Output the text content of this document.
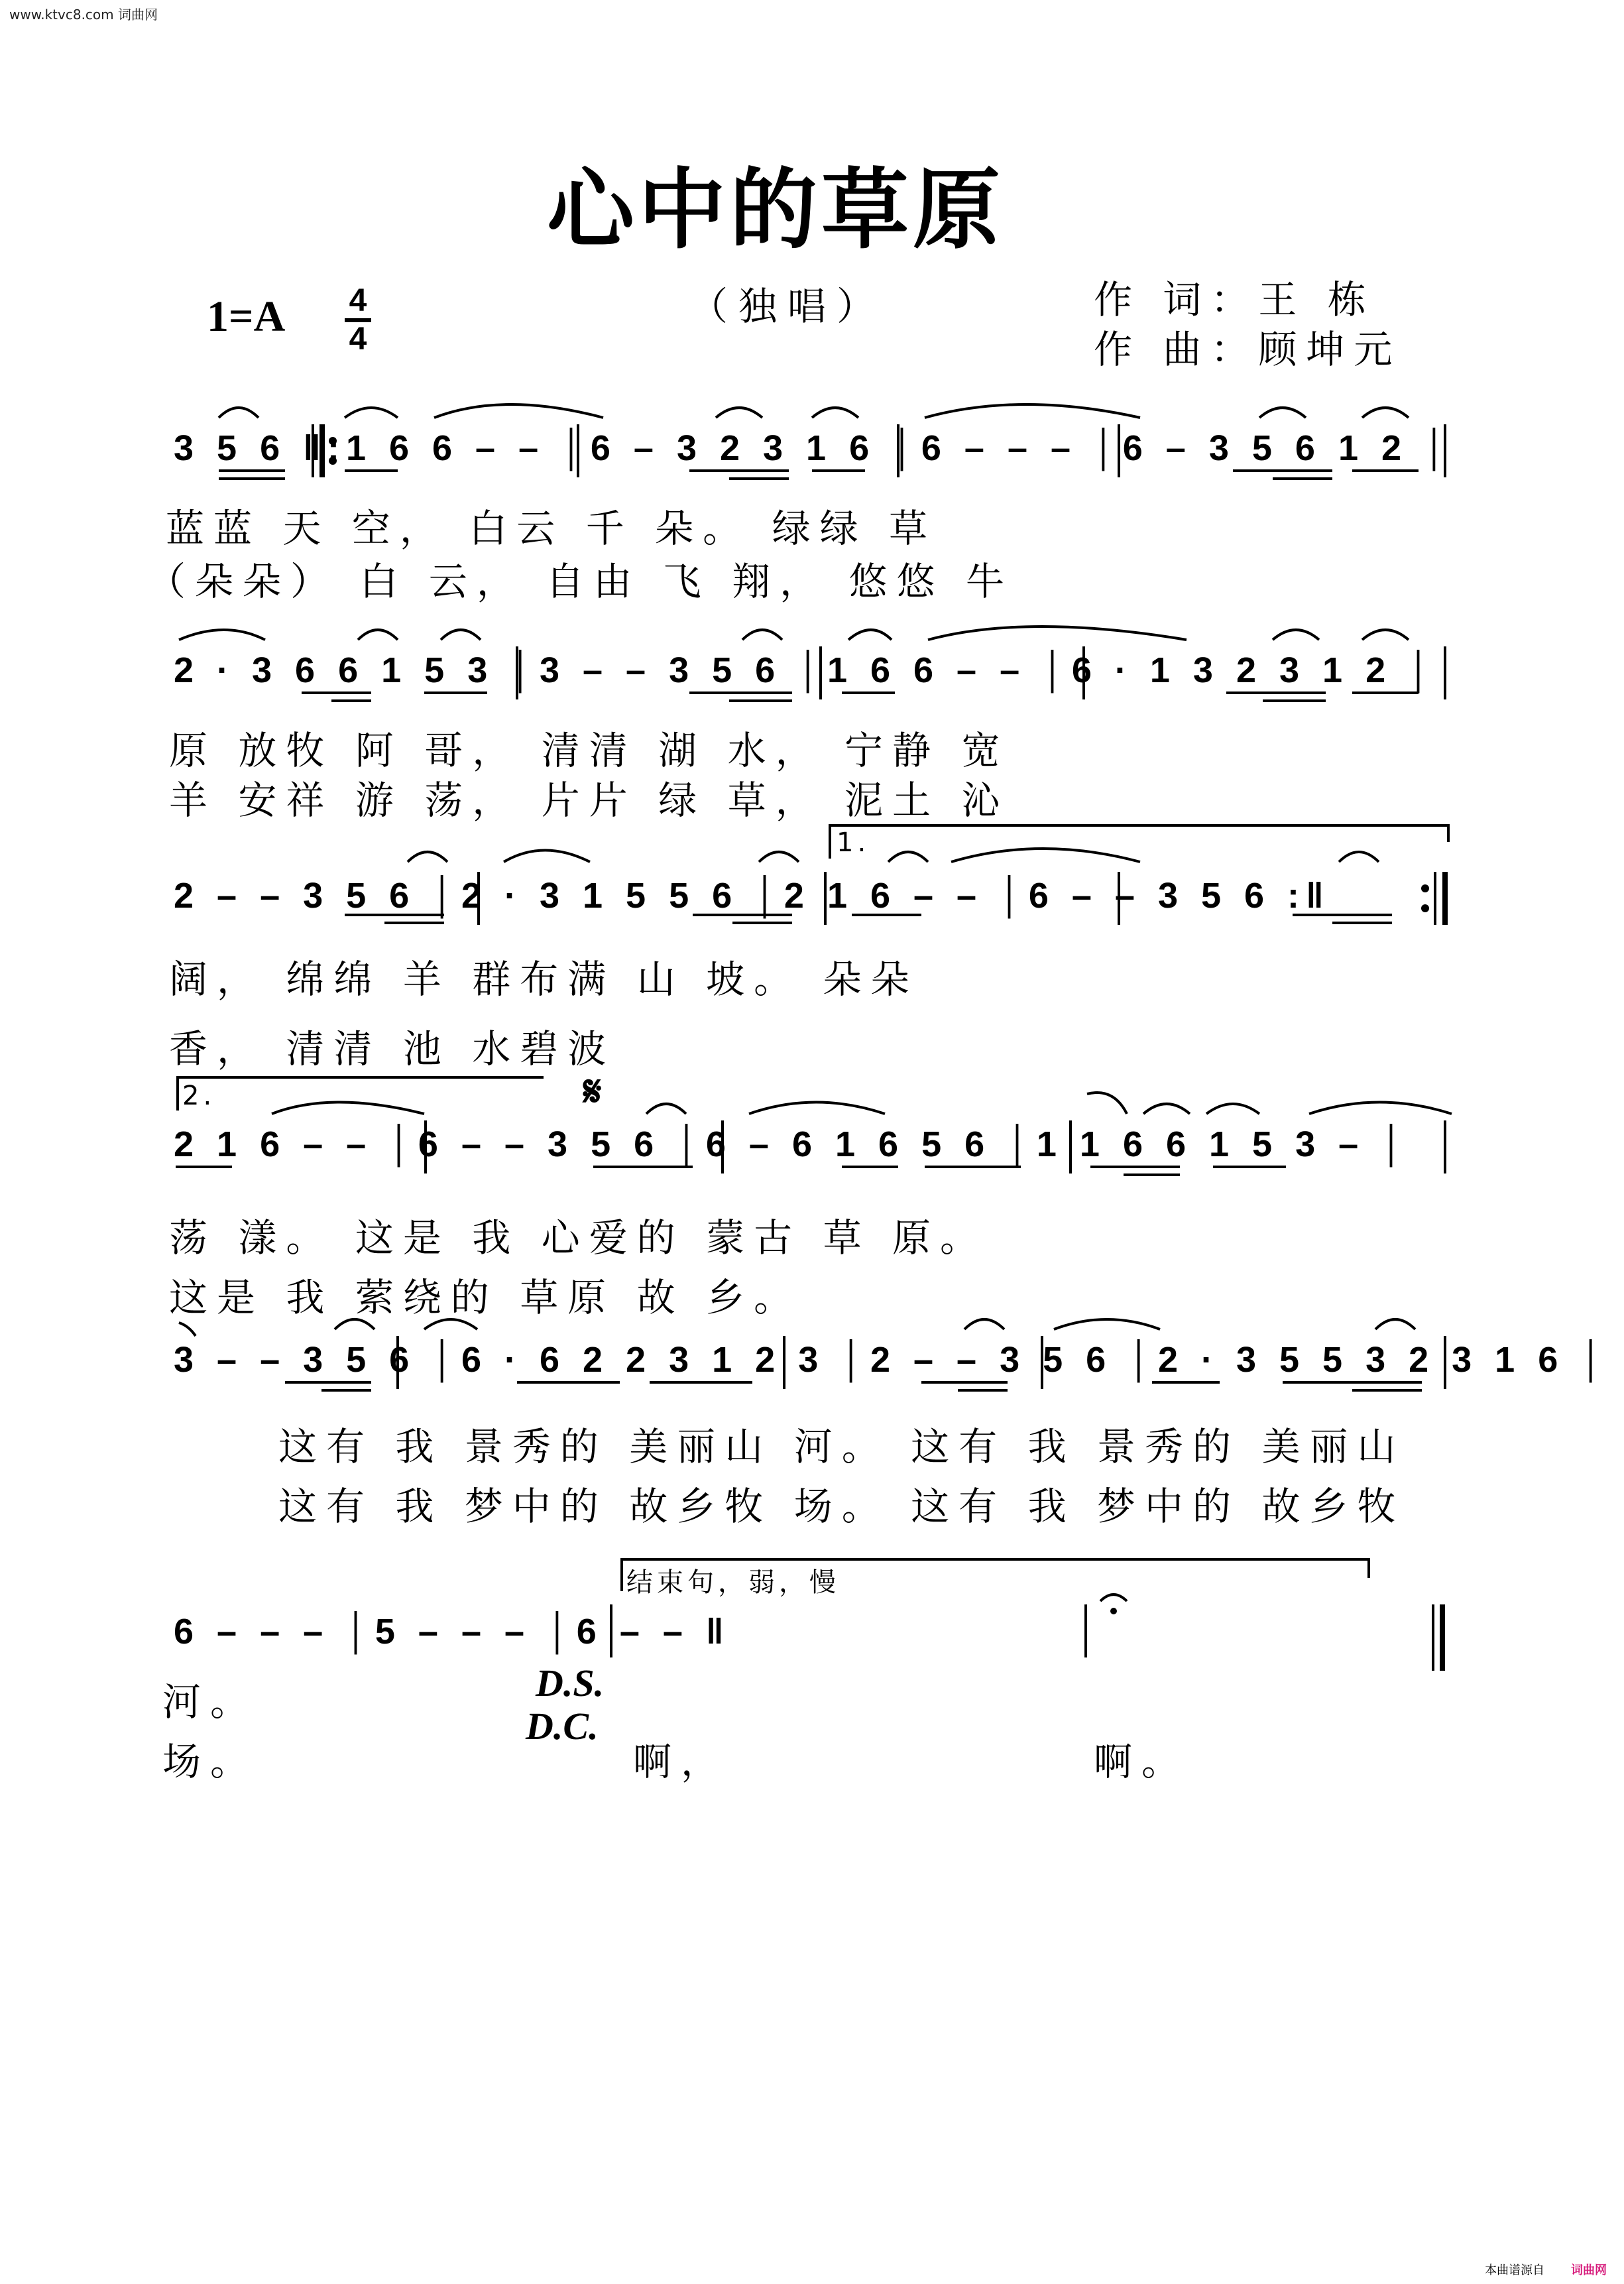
www.ktvc8.com 词曲网
心中的草原
1=A 4
4
（独唱）	作 词：王 栋
作 曲：顾坤元
3 5 6 ‖:1 6 6 – – │6 – 3 2 3 1 6 │6 – – – │6 – 3 5 6 1 2 │
蓝蓝 天 空， 白云 千 朵。 绿绿 草
（朵朵） 白 云， 自由 飞 翔， 悠悠 牛
2 · 3 6 6 1 5 3 │3 – – 3 5 6 │1 6 6 – – │6 · 1 3 2 3 1 2 │
原 放牧 阿 哥， 清清 湖 水， 宁静 宽
羊 安祥 游 荡， 片片 绿 草， 泥土 沁
2 – – 3 5 6 │2 · 3 1 5 5 6 │2 1 6 – – │6 – – 3 5 6 :‖
1.
阔， 绵绵 羊 群布满 山 坡。 朵朵
香， 清清 池 水碧波
2.	𝄋
2 1 6 – – │6 – – 3 5 6 │6 – 6 1 6 5 6 │1 1 6 6 1 5 3 – │
荡 漾。 这是 我 心爱的 蒙古 草 原。
这是 我 萦绕的 草原 故 乡。
3 – – 3 5 6 │6 · 6 2 2 3 1 2 3 │2 – – 3 5 6 │2 · 3 5 5 3 2 3 1 6 │
这有 我 景秀的 美丽山 河。 这有 我 景秀的 美丽山
这有 我 梦中的 故乡牧 场。 这有 我 梦中的 故乡牧
结束句，弱，慢
6 – – – │5 – – – │6 – – ‖
河。
场。
D.S.
D.C.
啊，	啊。
本曲谱源自 词曲网
